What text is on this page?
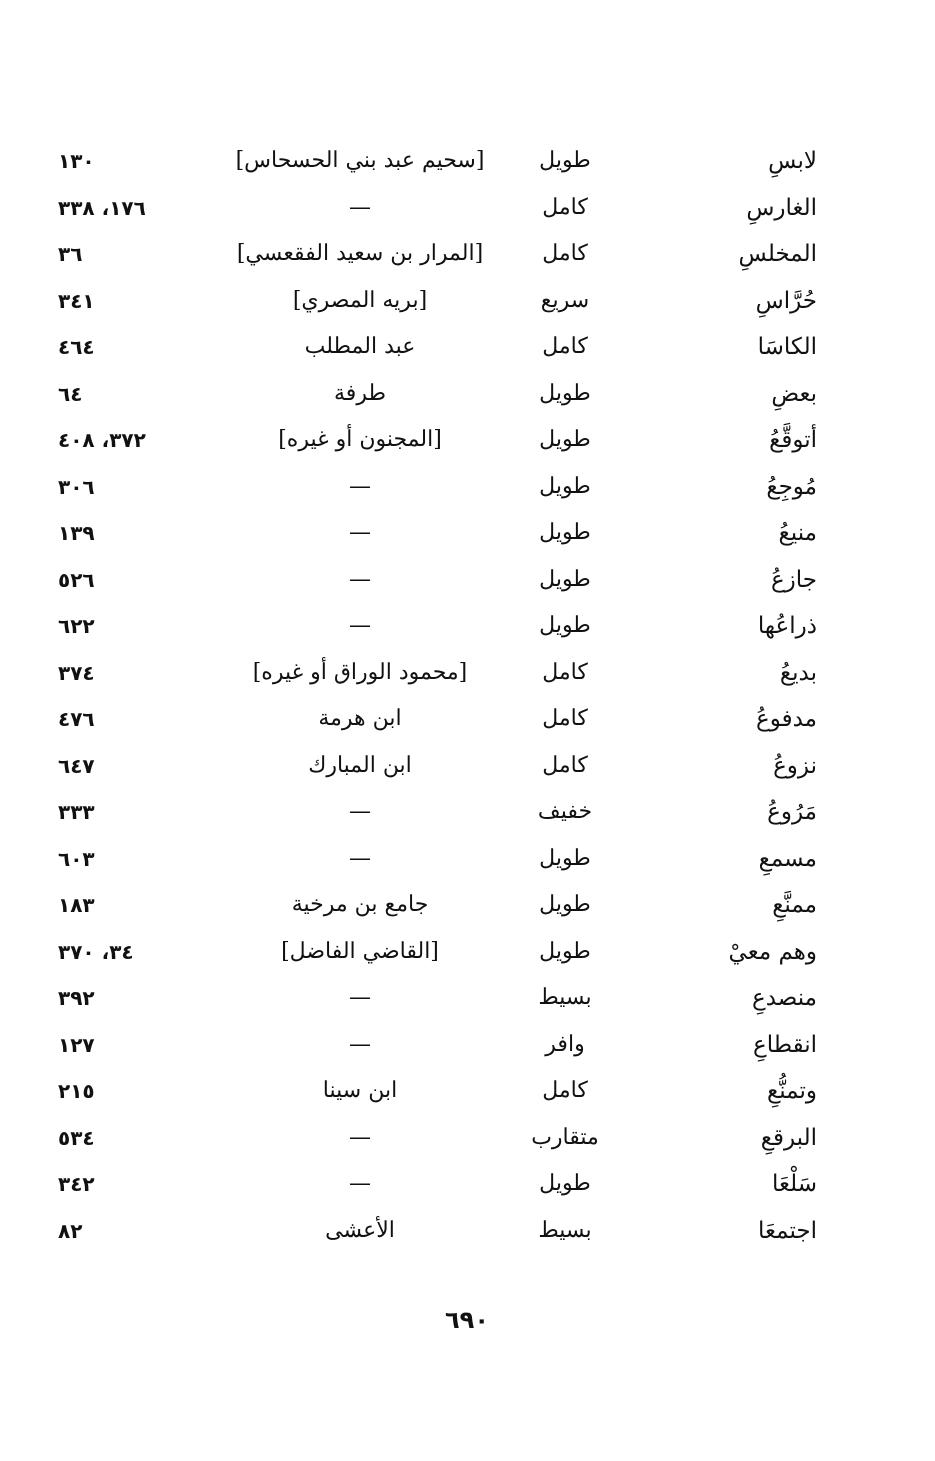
لابسِ
طويل
[سحيم عبد بني الحسحاس]
١٣٠
الغارسِ
كامل
—
١٧٦، ٣٣٨
المخلسِ
كامل
[المرار بن سعيد الفقعسي]
٣٦
حُرَّاسِ
سريع
[بريه المصري]
٣٤١
الكاسَا
كامل
عبد المطلب
٤٦٤
بعضِ
طويل
طرفة
٦٤
أتوقَّعُ
طويل
[المجنون أو غيره]
٣٧٢، ٤٠٨
مُوجِعُ
طويل
—
٣٠٦
منيعُ
طويل
—
١٣٩
جازعُ
طويل
—
٥٢٦
ذراعُها
طويل
—
٦٢٢
بديعُ
كامل
[محمود الوراق أو غيره]
٣٧٤
مدفوعُ
كامل
ابن هرمة
٤٧٦
نزوعُ
كامل
ابن المبارك
٦٤٧
مَرُوعُ
خفيف
—
٣٣٣
مسمعِ
طويل
—
٦٠٣
ممنَّعِ
طويل
جامع بن مرخية
١٨٣
وهم معيْ
طويل
[القاضي الفاضل]
٣٤، ٣٧٠
منصدعِ
بسيط
—
٣٩٢
انقطاعِ
وافر
—
١٢٧
وتمنُّعِ
كامل
ابن سينا
٢١٥
البرقعِ
متقارب
—
٥٣٤
سَلْعَا
طويل
—
٣٤٢
اجتمعَا
بسيط
الأعشى
٨٢
٦٩٠
